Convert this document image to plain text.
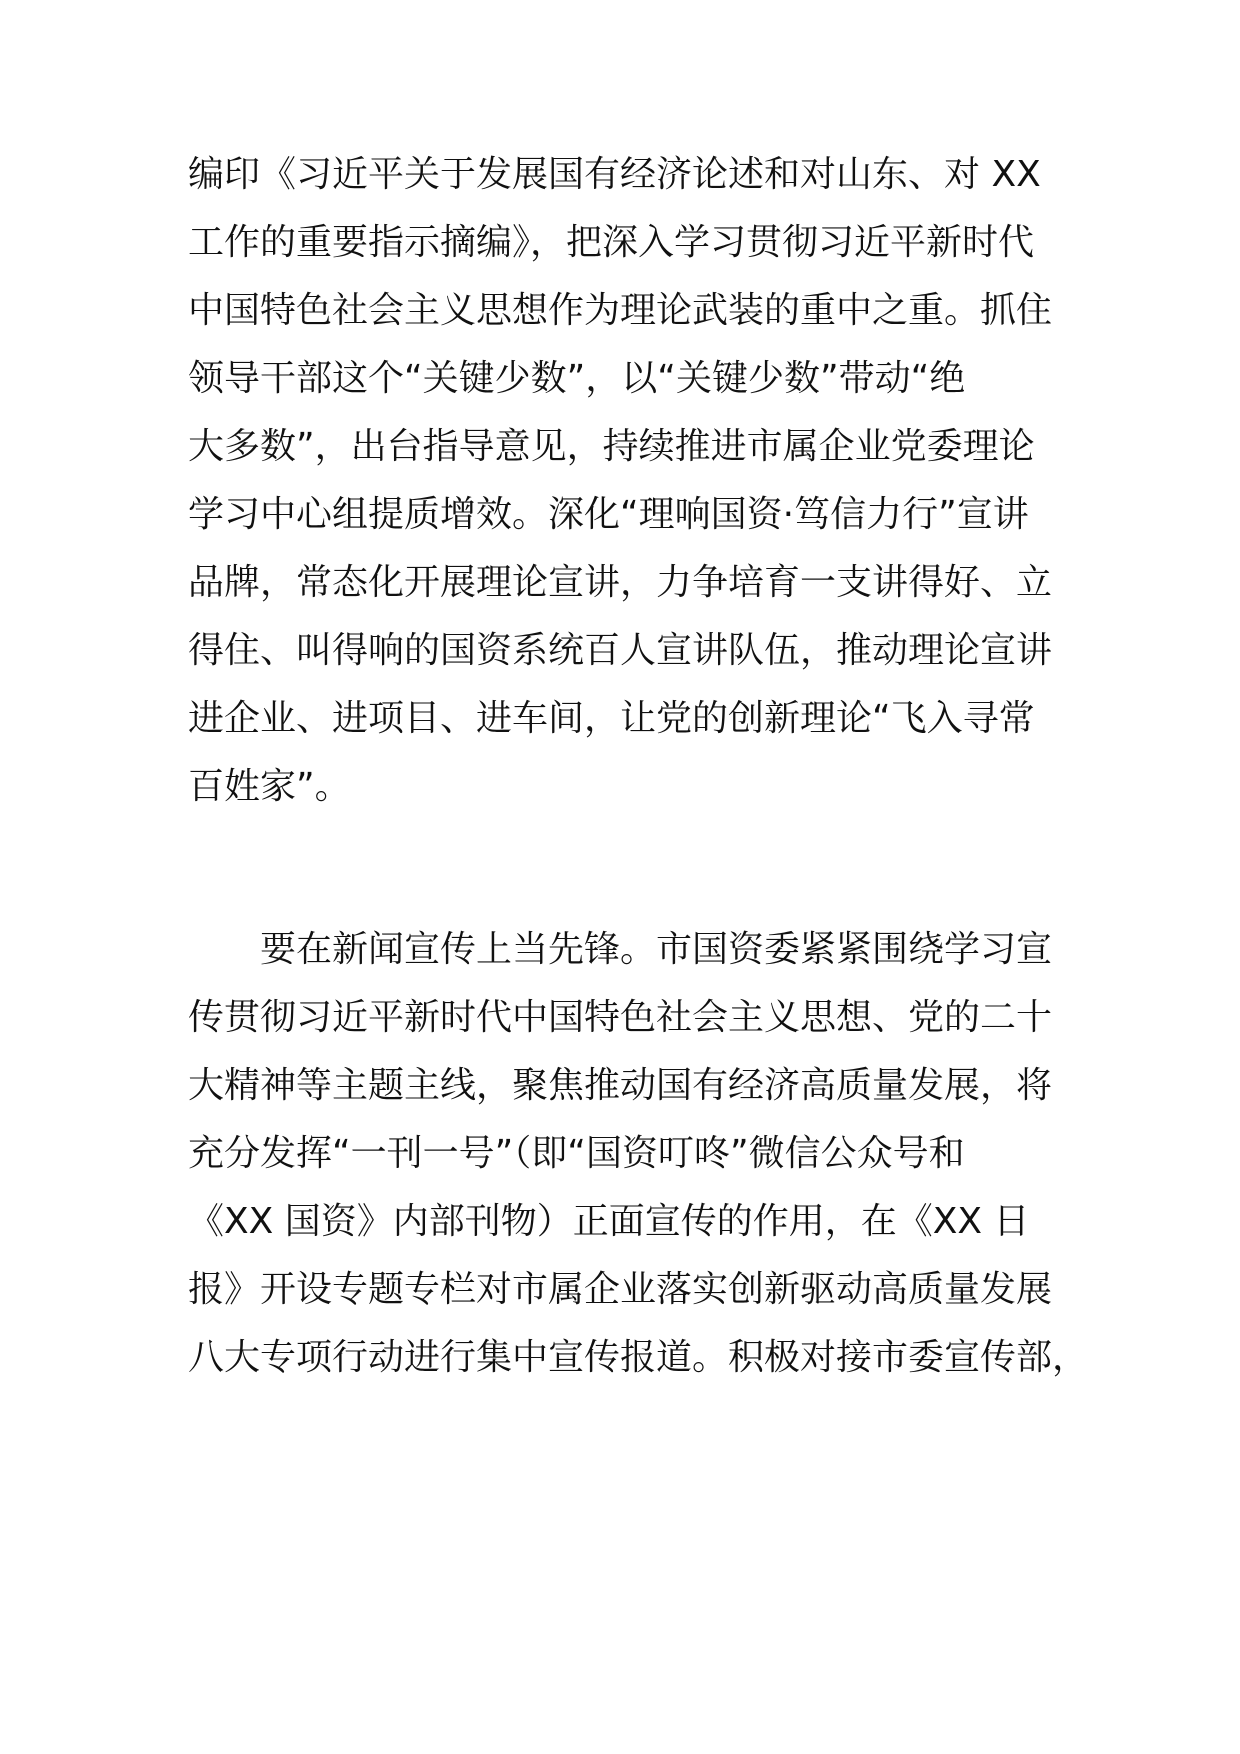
编印《习近平关于发展国有经济论述和对山东、对 XX
工作的重要指示摘编》，把深入学习贯彻习近平新时代
中国特色社会主义思想作为理论武装的重中之重。抓住
领导干部这个“关键少数”，以“关键少数”带动“绝
大多数”，出台指导意见，持续推进市属企业党委理论
学习中心组提质增效。深化“理响国资·笃信力行”宣讲
品牌，常态化开展理论宣讲，力争培育一支讲得好、立
得住、叫得响的国资系统百人宣讲队伍，推动理论宣讲
进企业、进项目、进车间，让党的创新理论“飞入寻常
百姓家”。
要在新闻宣传上当先锋。市国资委紧紧围绕学习宣
传贯彻习近平新时代中国特色社会主义思想、党的二十
大精神等主题主线，聚焦推动国有经济高质量发展，将
充分发挥“一刊一号”（即“国资叮咚”微信公众号和
《XX 国资》内部刊物）正面宣传的作用，在《XX 日
报》开设专题专栏对市属企业落实创新驱动高质量发展
八大专项行动进行集中宣传报道。积极对接市委宣传部，
